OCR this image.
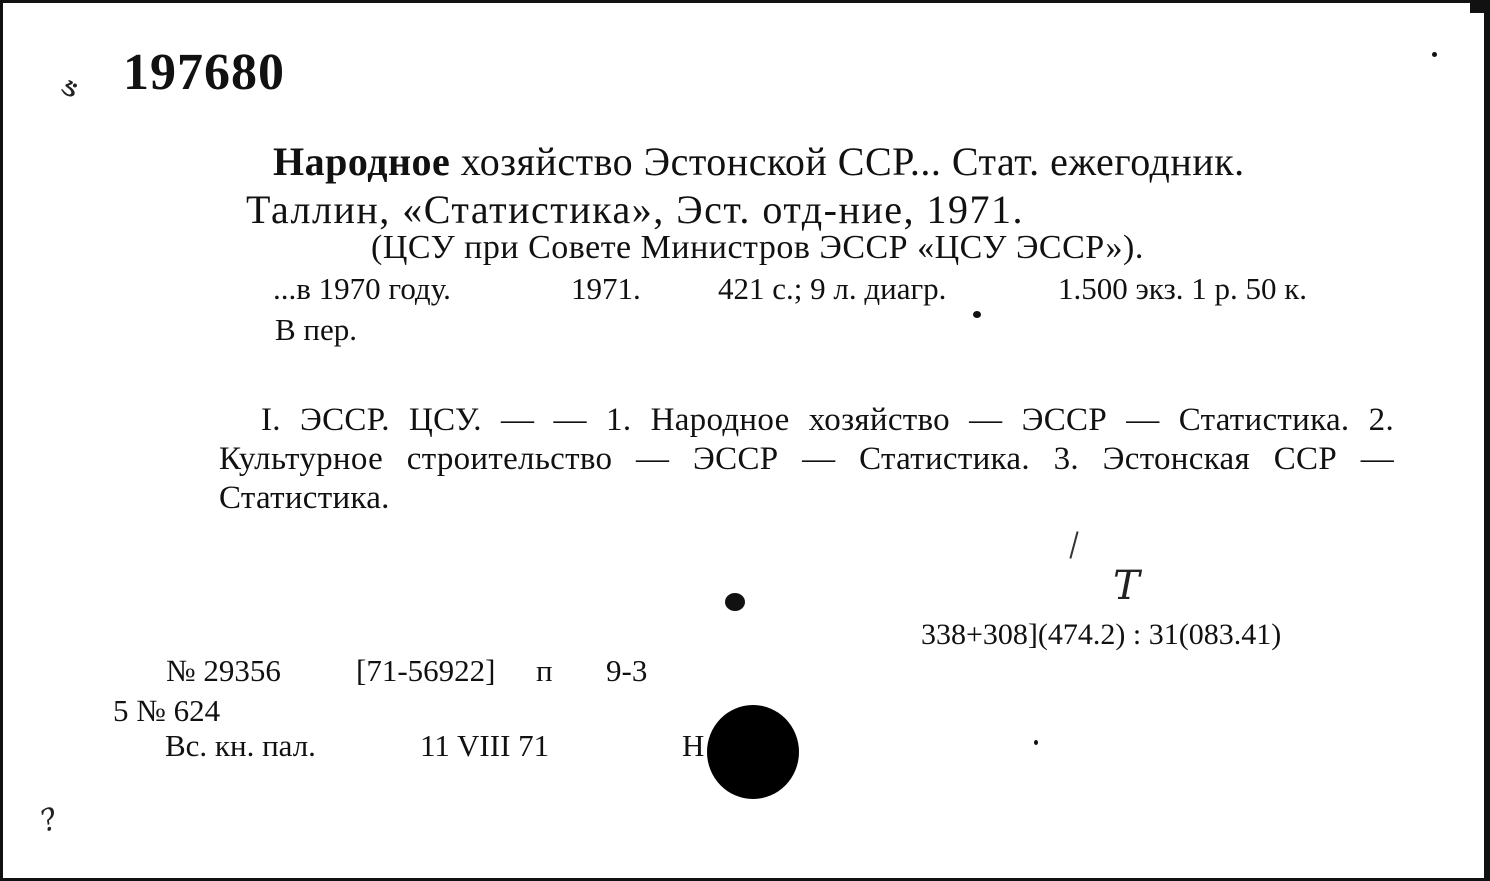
ઙ 197680
Народное хозяйство Эстонской ССР... Стат. ежегодник.
Таллин, «Статистика», Эст. отд-ние, 1971.
(ЦСУ при Совете Министров ЭССР «ЦСУ ЭССР»).
...в 1970 году.	1971. 421 с.; 9 л. диагр.	1.500 экз. 1 р. 50 к.
В пер.
I. ЭССР. ЦСУ. — — 1. Народное хозяйство — ЭССР — Статистика. 2. Культурное строительство — ЭССР — Статистика. 3. Эстонская ССР — Статистика.
338+308](474.2) : 31(083.41)
№ 29356 [71-56922] п 9-3
5 № 624
Вс. кн. пал.	11 VIII 71	Н
Т
?
